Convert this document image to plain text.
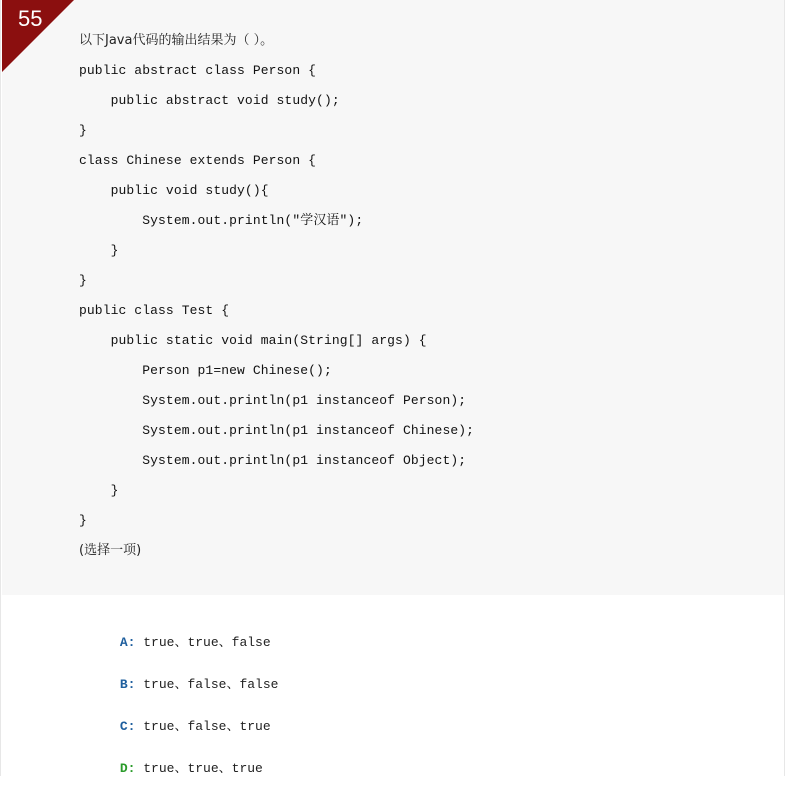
55
以下Java代码的输出结果为（ ）。
public abstract class Person {
public abstract void study();
}
class Chinese extends Person {
public void study(){
System.out.println("学汉语");
}
}
public class Test {
public static void main(String[] args) {
Person p1=new Chinese();
System.out.println(p1 instanceof Person);
System.out.println(p1 instanceof Chinese);
System.out.println(p1 instanceof Object);
}
}
(选择一项)

A: true、true、false

B: true、false、false

C: true、false、true

D: true、true、true
